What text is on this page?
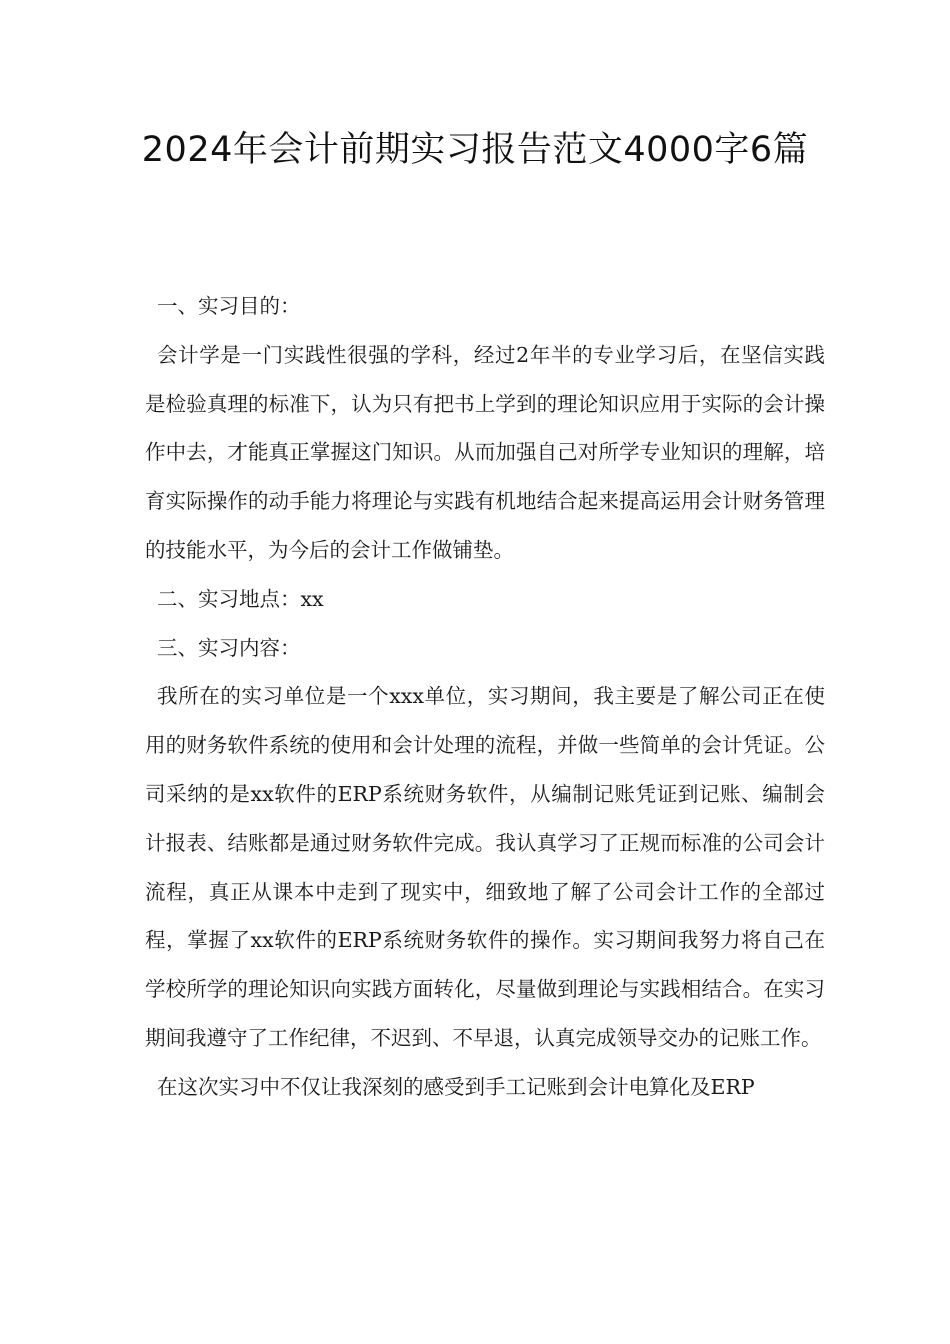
2024年会计前期实习报告范文4000字6篇

一、实习目的：

会计学是一门实践性很强的学科，经过2年半的专业学习后，在坚信实践是检验真理的标准下，认为只有把书上学到的理论知识应用于实际的会计操作中去，才能真正掌握这门知识。从而加强自己对所学专业知识的理解，培育实际操作的动手能力将理论与实践有机地结合起来提高运用会计财务管理的技能水平，为今后的会计工作做铺垫。

二、实习地点：xx

三、实习内容：

我所在的实习单位是一个xxx单位，实习期间，我主要是了解公司正在使用的财务软件系统的使用和会计处理的流程，并做一些简单的会计凭证。公司采纳的是xx软件的ERP系统财务软件，从编制记账凭证到记账、编制会计报表、结账都是通过财务软件完成。我认真学习了正规而标准的公司会计流程，真正从课本中走到了现实中，细致地了解了公司会计工作的全部过程，掌握了xx软件的ERP系统财务软件的操作。实习期间我努力将自己在学校所学的理论知识向实践方面转化，尽量做到理论与实践相结合。在实习期间我遵守了工作纪律，不迟到、不早退，认真完成领导交办的记账工作。

在这次实习中不仅让我深刻的感受到手工记账到会计电算化及ERP
